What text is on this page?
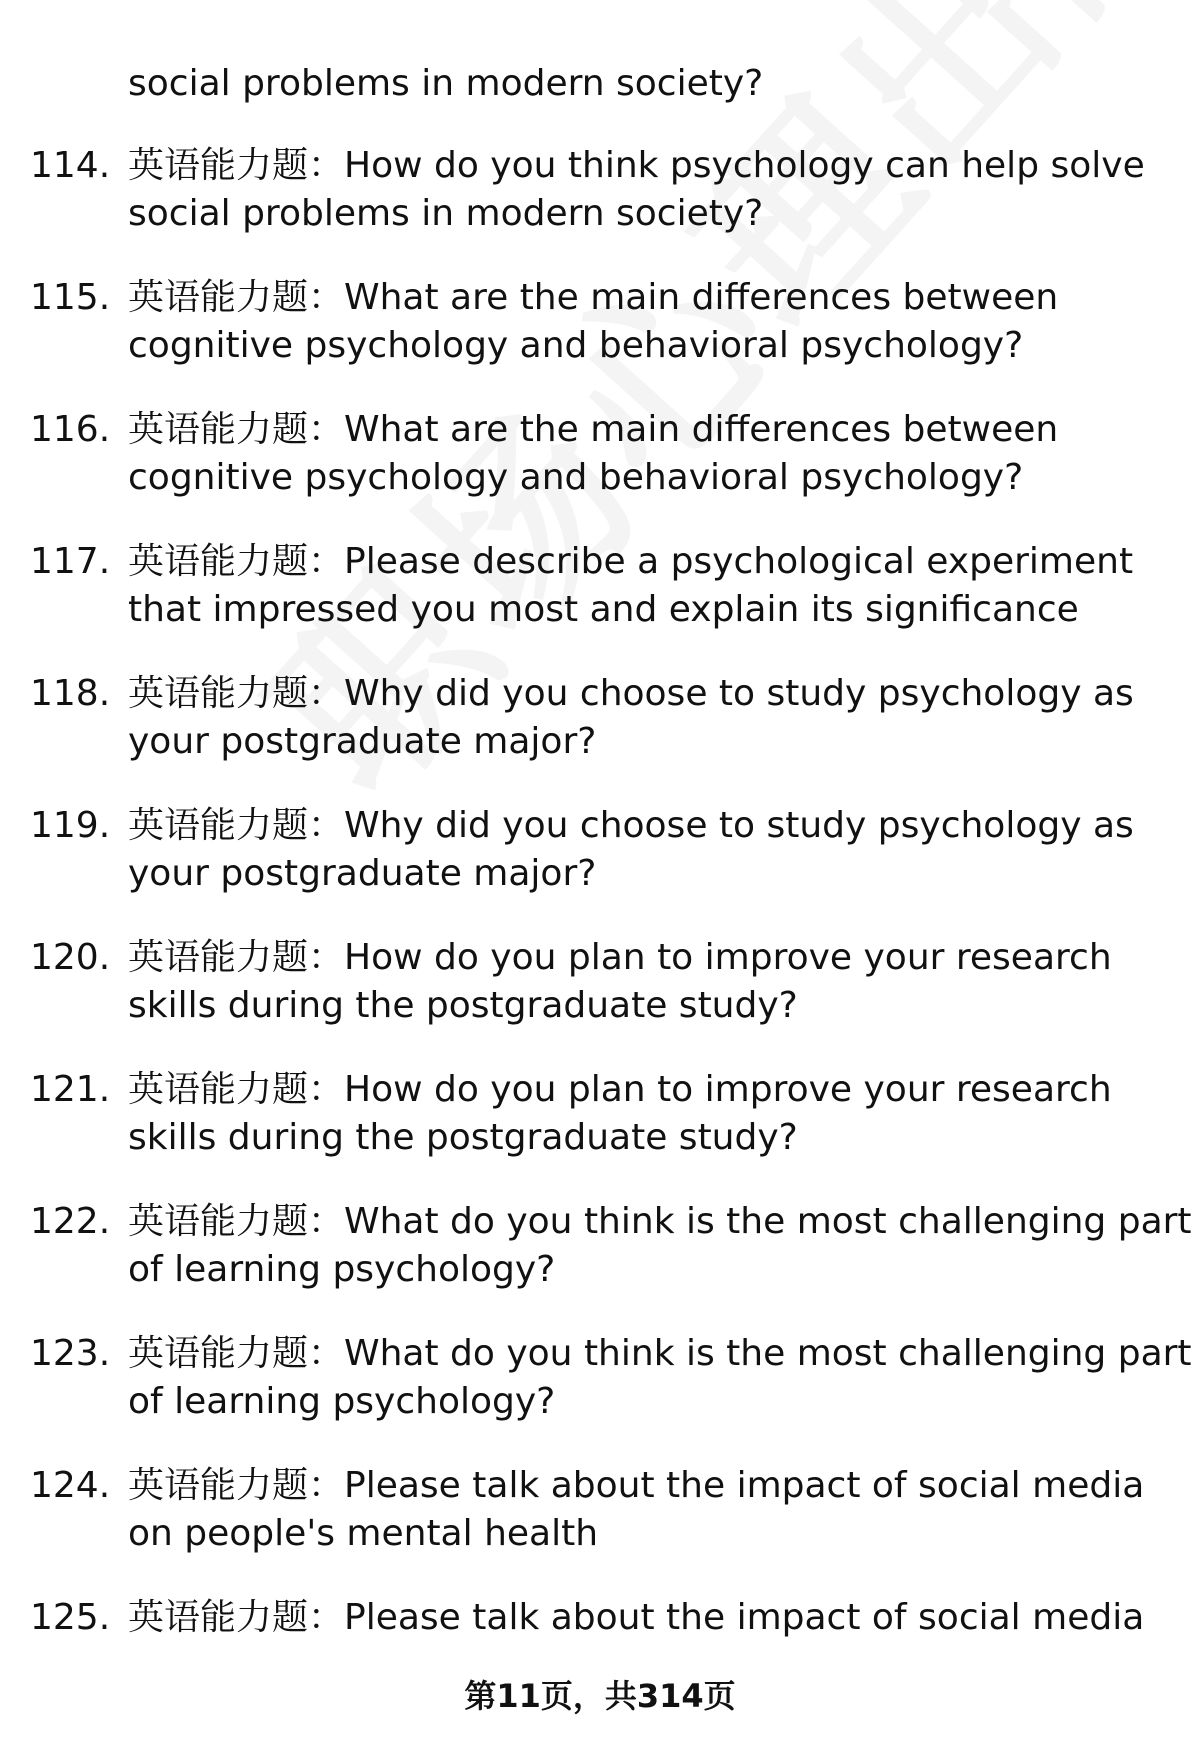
social problems in modern society?
114. 英语能力题：How do you think psychology can help solve
social problems in modern society?
115. 英语能力题：What are the main differences between
cognitive psychology and behavioral psychology?
116. 英语能力题：What are the main differences between
cognitive psychology and behavioral psychology?
117. 英语能力题：Please describe a psychological experiment
that impressed you most and explain its significance
118. 英语能力题：Why did you choose to study psychology as
your postgraduate major?
119. 英语能力题：Why did you choose to study psychology as
your postgraduate major?
120. 英语能力题：How do you plan to improve your research
skills during the postgraduate study?
121. 英语能力题：How do you plan to improve your research
skills during the postgraduate study?
122. 英语能力题：What do you think is the most challenging part
of learning psychology?
123. 英语能力题：What do you think is the most challenging part
of learning psychology?
124. 英语能力题：Please talk about the impact of social media
on people's mental health
125. 英语能力题：Please talk about the impact of social media
第11页，共314页
